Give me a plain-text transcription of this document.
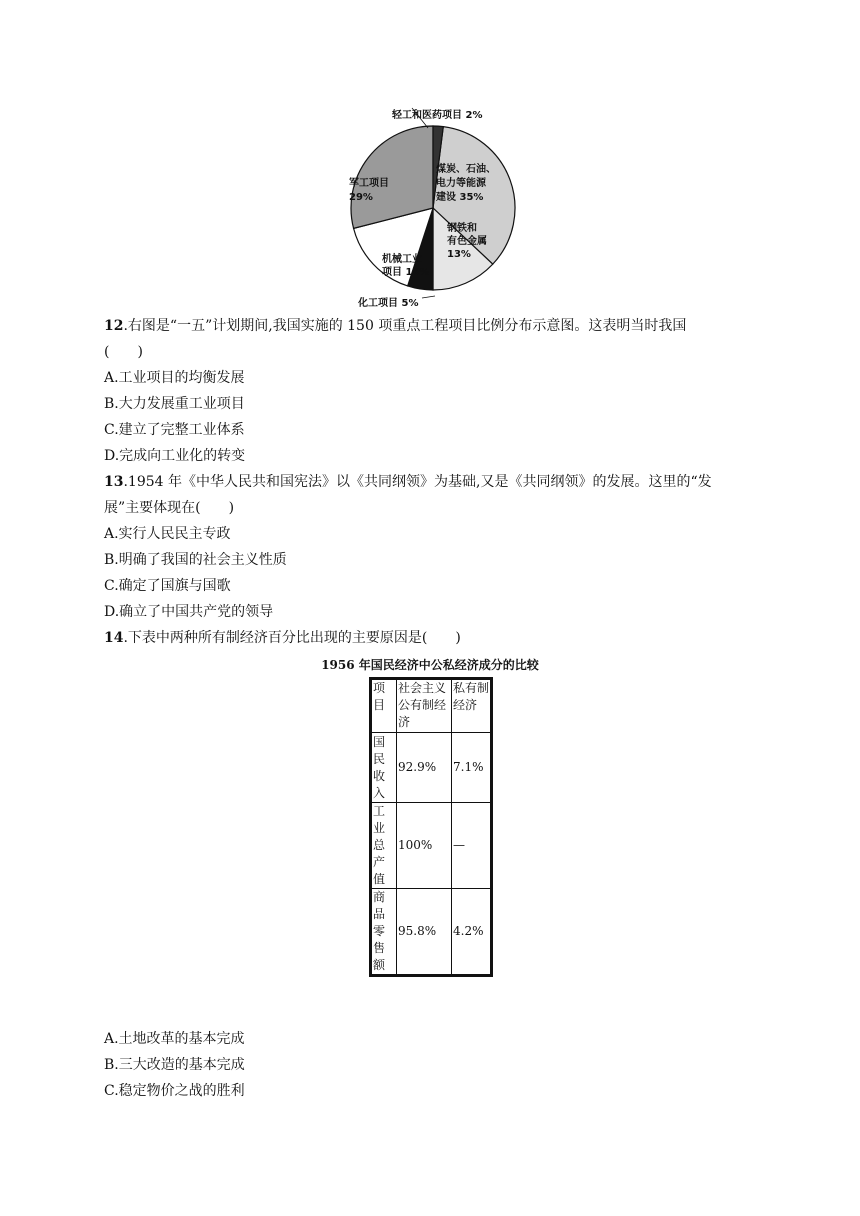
煤炭、石油、电力等能源建设 35%
钢铁和有色金属 13%
化工项目 5%
机械工业项目 16%
军工项目 29%
轻工和医药项目 2%
12.右图是“一五”计划期间,我国实施的 150 项重点工程项目比例分布示意图。这表明当时我国
(　　)
A.工业项目的均衡发展
B.大力发展重工业项目
C.建立了完整工业体系
D.完成向工业化的转变
13.1954 年《中华人民共和国宪法》以《共同纲领》为基础,又是《共同纲领》的发展。这里的“发
展”主要体现在(　　)
A.实行人民民主专政
B.明确了我国的社会主义性质
C.确定了国旗与国歌
D.确立了中国共产党的领导
14.下表中两种所有制经济百分比出现的主要原因是(　　)
1956 年国民经济中公私经济成分的比较
项目	社会主义公有制经济	私有制经济
国民收入	92.9%	7.1%
工业总产值	100%	—
商品零售额	95.8%	4.2%
A.土地改革的基本完成
B.三大改造的基本完成
C.稳定物价之战的胜利
